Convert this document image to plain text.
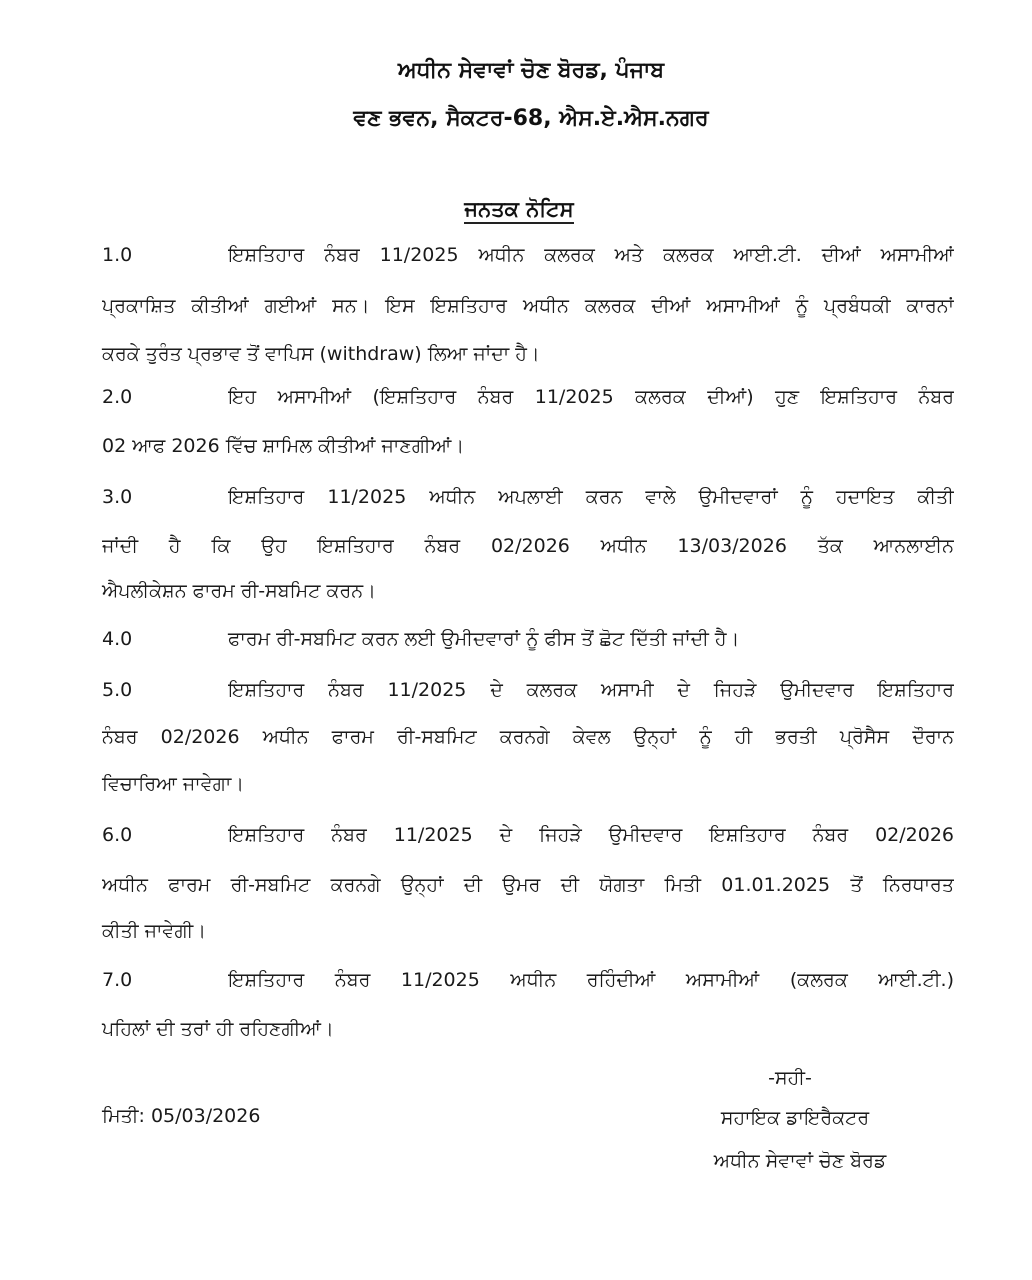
ਅਧੀਨ ਸੇਵਾਵਾਂ ਚੋਣ ਬੋਰਡ, ਪੰਜਾਬ
ਵਣ ਭਵਨ, ਸੈਕਟਰ-68, ਐਸ.ਏ.ਐਸ.ਨਗਰ
ਜਨਤਕ ਨੋਟਿਸ
1.0	ਇਸ਼ਤਿਹਾਰ ਨੰਬਰ 11/2025 ਅਧੀਨ ਕਲਰਕ ਅਤੇ ਕਲਰਕ ਆਈ.ਟੀ. ਦੀਆਂ ਅਸਾਮੀਆਂ
ਪ੍ਰਕਾਸ਼ਿਤ ਕੀਤੀਆਂ ਗਈਆਂ ਸਨ। ਇਸ ਇਸ਼ਤਿਹਾਰ ਅਧੀਨ ਕਲਰਕ ਦੀਆਂ ਅਸਾਮੀਆਂ ਨੂੰ ਪ੍ਰਬੰਧਕੀ ਕਾਰਨਾਂ
ਕਰਕੇ ਤੁਰੰਤ ਪ੍ਰਭਾਵ ਤੋਂ ਵਾਪਿਸ (withdraw) ਲਿਆ ਜਾਂਦਾ ਹੈ।
2.0	ਇਹ ਅਸਾਮੀਆਂ (ਇਸ਼ਤਿਹਾਰ ਨੰਬਰ 11/2025 ਕਲਰਕ ਦੀਆਂ) ਹੁਣ ਇਸ਼ਤਿਹਾਰ ਨੰਬਰ
02 ਆਫ 2026 ਵਿੱਚ ਸ਼ਾਮਿਲ ਕੀਤੀਆਂ ਜਾਣਗੀਆਂ।
3.0	ਇਸ਼ਤਿਹਾਰ 11/2025 ਅਧੀਨ ਅਪਲਾਈ ਕਰਨ ਵਾਲੇ ਉਮੀਦਵਾਰਾਂ ਨੂੰ ਹਦਾਇਤ ਕੀਤੀ
ਜਾਂਦੀ ਹੈ ਕਿ ਉਹ ਇਸ਼ਤਿਹਾਰ ਨੰਬਰ 02/2026 ਅਧੀਨ 13/03/2026 ਤੱਕ ਆਨਲਾਈਨ
ਐਪਲੀਕੇਸ਼ਨ ਫਾਰਮ ਰੀ-ਸਬਮਿਟ ਕਰਨ।
4.0	ਫਾਰਮ ਰੀ-ਸਬਮਿਟ ਕਰਨ ਲਈ ਉਮੀਦਵਾਰਾਂ ਨੂੰ ਫੀਸ ਤੋਂ ਛੋਟ ਦਿੱਤੀ ਜਾਂਦੀ ਹੈ।
5.0	ਇਸ਼ਤਿਹਾਰ ਨੰਬਰ 11/2025 ਦੇ ਕਲਰਕ ਅਸਾਮੀ ਦੇ ਜਿਹੜੇ ਉਮੀਦਵਾਰ ਇਸ਼ਤਿਹਾਰ
ਨੰਬਰ 02/2026 ਅਧੀਨ ਫਾਰਮ ਰੀ-ਸਬਮਿਟ ਕਰਨਗੇ ਕੇਵਲ ਉਨ੍ਹਾਂ ਨੂੰ ਹੀ ਭਰਤੀ ਪ੍ਰੋਸੈਸ ਦੌਰਾਨ
ਵਿਚਾਰਿਆ ਜਾਵੇਗਾ।
6.0	ਇਸ਼ਤਿਹਾਰ ਨੰਬਰ 11/2025 ਦੇ ਜਿਹੜੇ ਉਮੀਦਵਾਰ ਇਸ਼ਤਿਹਾਰ ਨੰਬਰ 02/2026
ਅਧੀਨ ਫਾਰਮ ਰੀ-ਸਬਮਿਟ ਕਰਨਗੇ ਉਨ੍ਹਾਂ ਦੀ ਉਮਰ ਦੀ ਯੋਗਤਾ ਮਿਤੀ 01.01.2025 ਤੋਂ ਨਿਰਧਾਰਤ
ਕੀਤੀ ਜਾਵੇਗੀ।
7.0	ਇਸ਼ਤਿਹਾਰ ਨੰਬਰ 11/2025 ਅਧੀਨ ਰਹਿੰਦੀਆਂ ਅਸਾਮੀਆਂ (ਕਲਰਕ ਆਈ.ਟੀ.)
ਪਹਿਲਾਂ ਦੀ ਤਰਾਂ ਹੀ ਰਹਿਣਗੀਆਂ।
-ਸਹੀ-
ਮਿਤੀ: 05/03/2026	ਸਹਾਇਕ ਡਾਇਰੈਕਟਰ
ਅਧੀਨ ਸੇਵਾਵਾਂ ਚੋਣ ਬੋਰਡ
